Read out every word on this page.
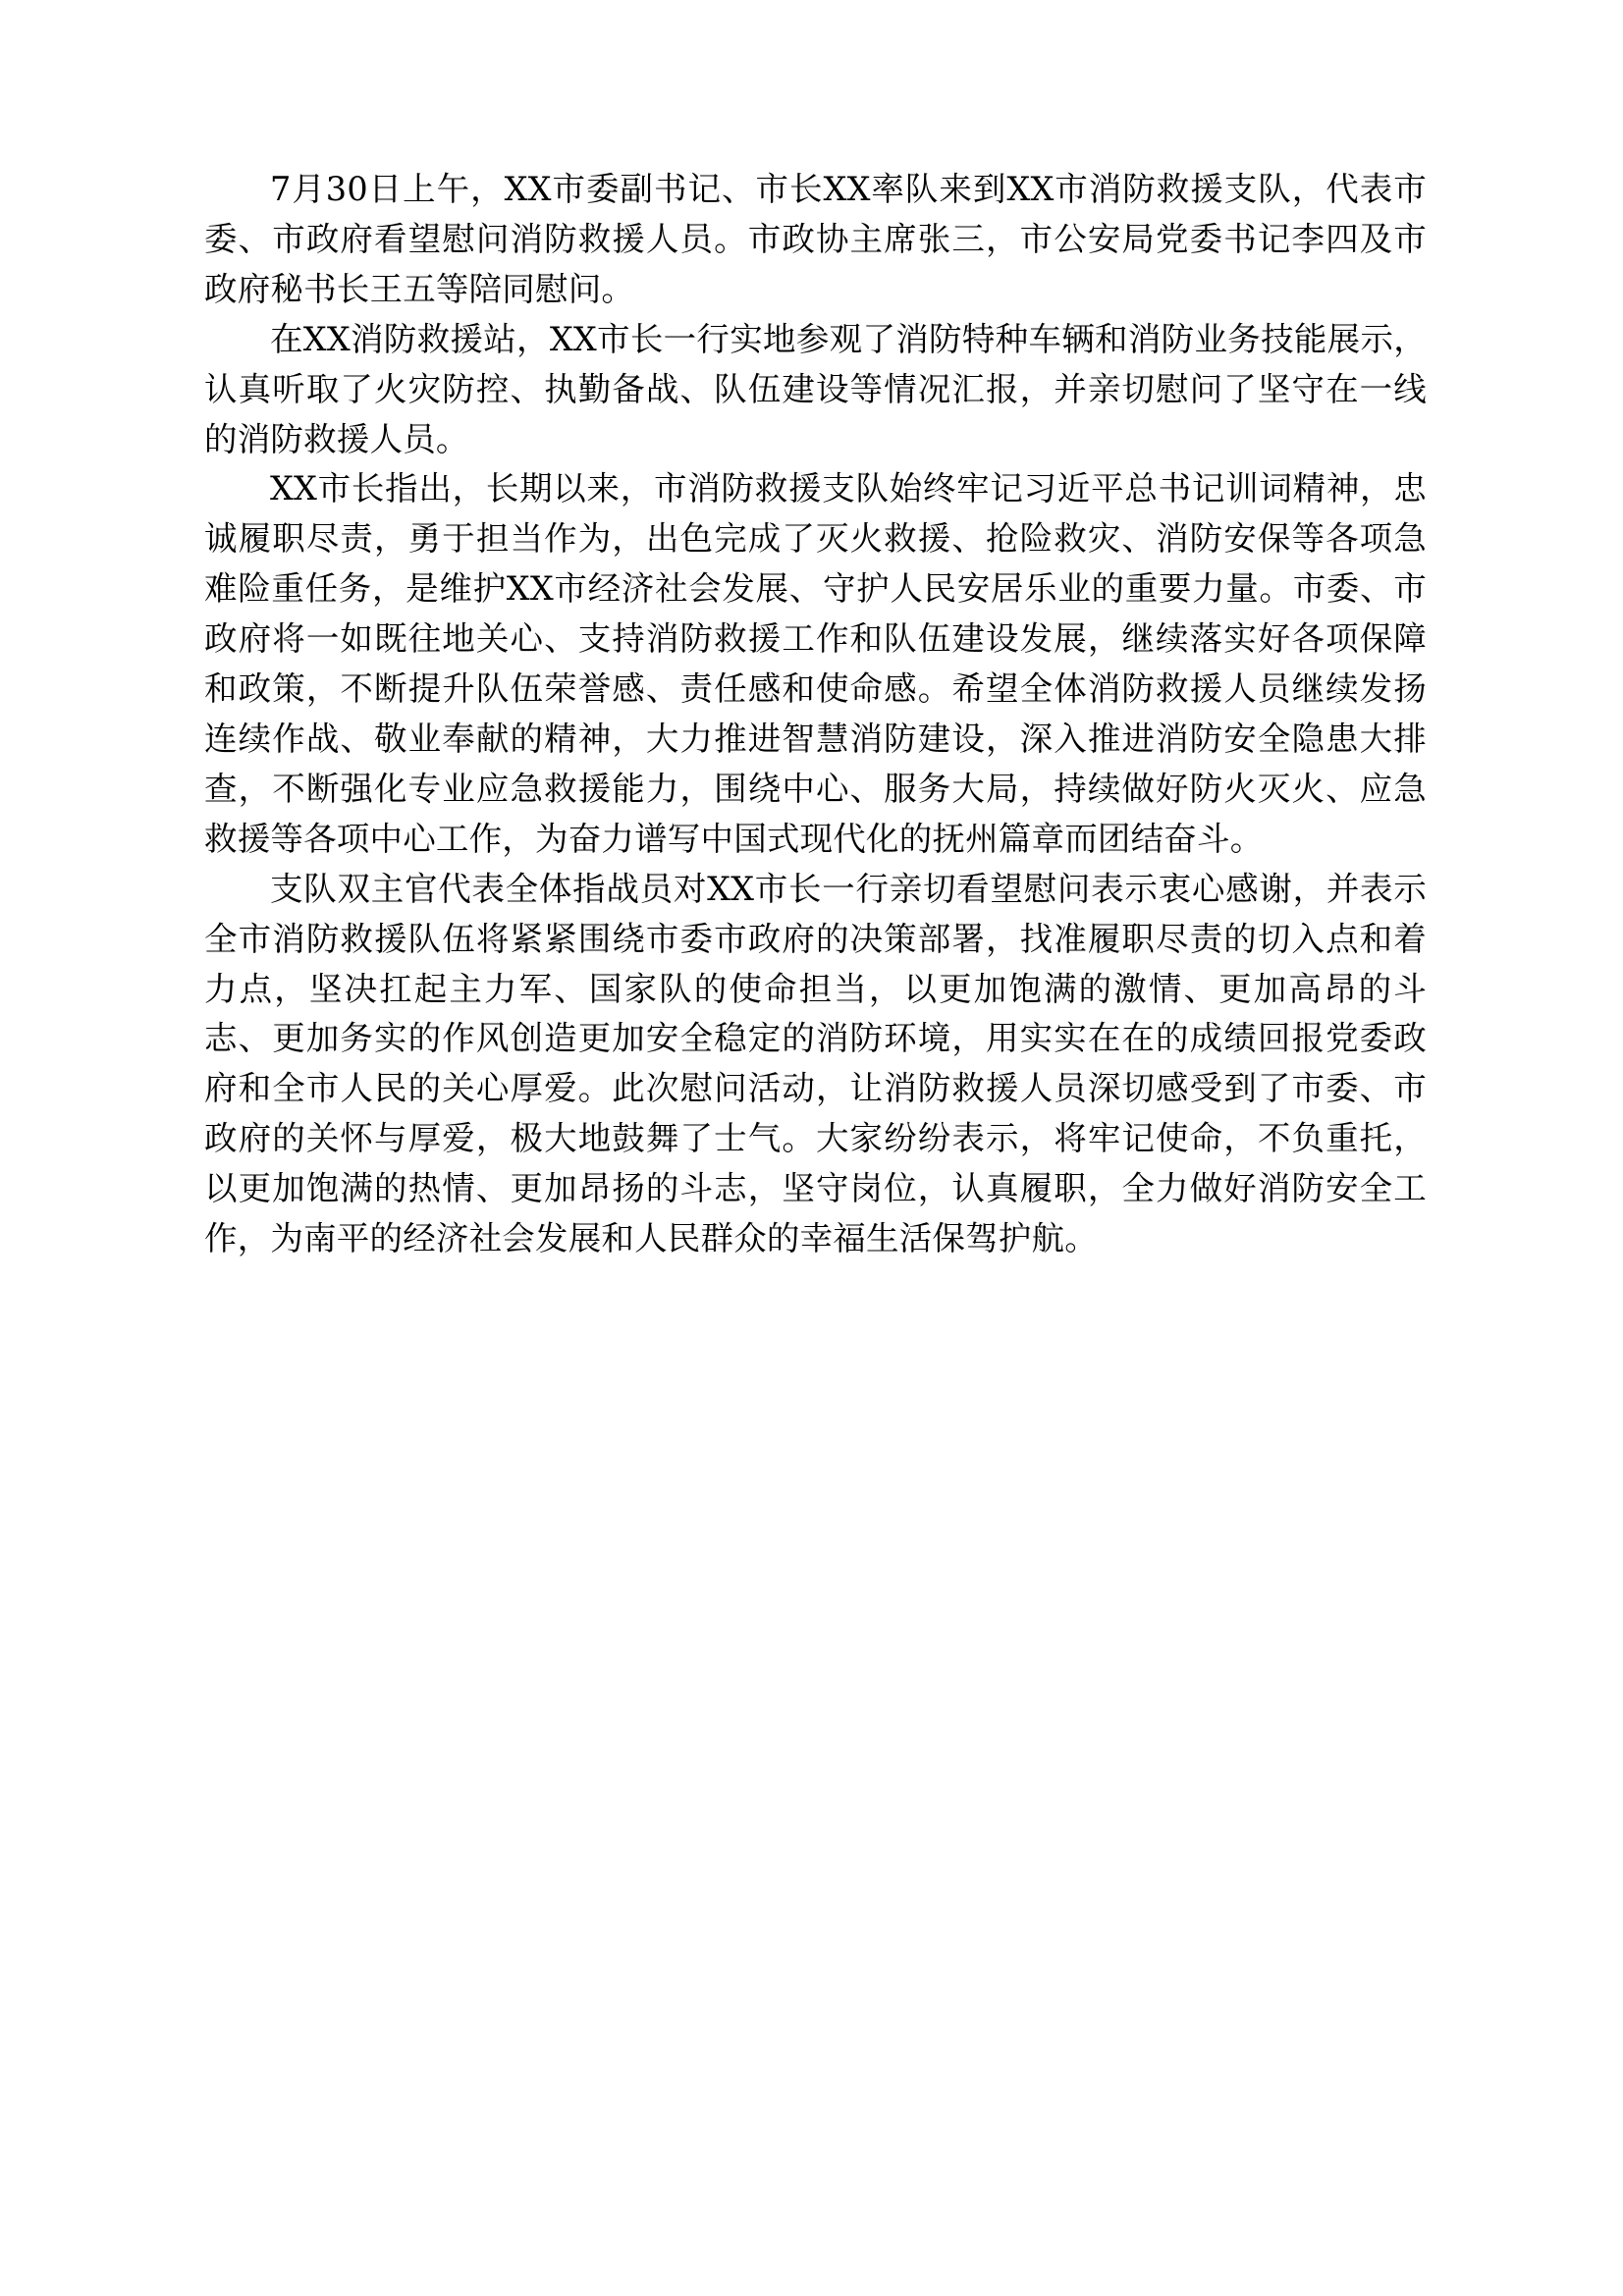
7月30日上午，XX市委副书记、市长XX率队来到XX市消防救援支队，代表市委、市政府看望慰问消防救援人员。市政协主席张三，市公安局党委书记李四及市政府秘书长王五等陪同慰问。

在XX消防救援站，XX市长一行实地参观了消防特种车辆和消防业务技能展示，认真听取了火灾防控、执勤备战、队伍建设等情况汇报，并亲切慰问了坚守在一线的消防救援人员。

XX市长指出，长期以来，市消防救援支队始终牢记习近平总书记训词精神，忠诚履职尽责，勇于担当作为，出色完成了灭火救援、抢险救灾、消防安保等各项急难险重任务，是维护XX市经济社会发展、守护人民安居乐业的重要力量。市委、市政府将一如既往地关心、支持消防救援工作和队伍建设发展，继续落实好各项保障和政策，不断提升队伍荣誉感、责任感和使命感。希望全体消防救援人员继续发扬连续作战、敬业奉献的精神，大力推进智慧消防建设，深入推进消防安全隐患大排查，不断强化专业应急救援能力，围绕中心、服务大局，持续做好防火灭火、应急救援等各项中心工作，为奋力谱写中国式现代化的抚州篇章而团结奋斗。

支队双主官代表全体指战员对XX市长一行亲切看望慰问表示衷心感谢，并表示全市消防救援队伍将紧紧围绕市委市政府的决策部署，找准履职尽责的切入点和着力点，坚决扛起主力军、国家队的使命担当，以更加饱满的激情、更加高昂的斗志、更加务实的作风创造更加安全稳定的消防环境，用实实在在的成绩回报党委政府和全市人民的关心厚爱。此次慰问活动，让消防救援人员深切感受到了市委、市政府的关怀与厚爱，极大地鼓舞了士气。大家纷纷表示，将牢记使命，不负重托，以更加饱满的热情、更加昂扬的斗志，坚守岗位，认真履职，全力做好消防安全工作，为南平的经济社会发展和人民群众的幸福生活保驾护航。
